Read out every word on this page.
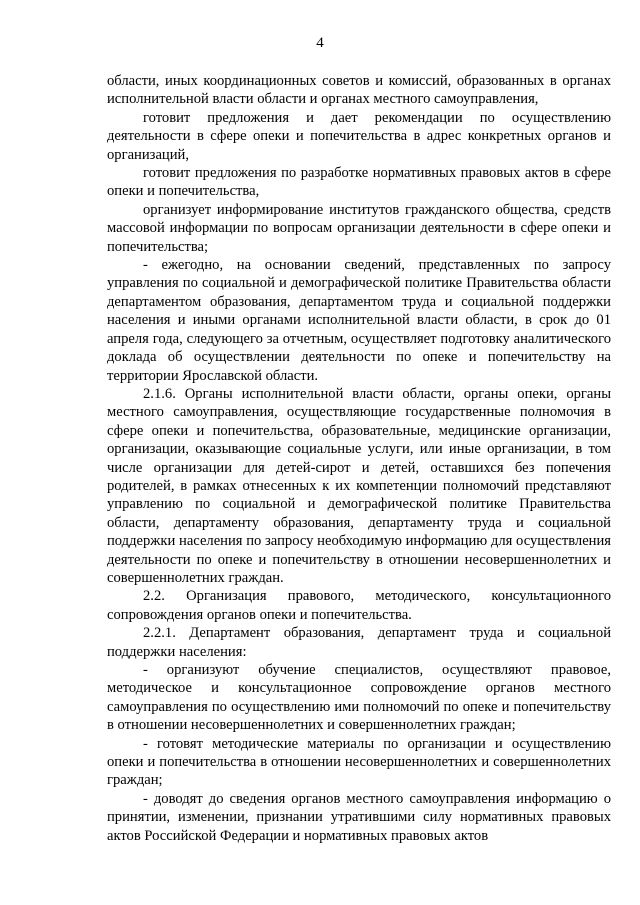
4

области, иных координационных советов и комиссий, образованных в органах исполнительной власти области и органах местного самоуправления,

готовит предложения и дает рекомендации по осуществлению деятельности в сфере опеки и попечительства в адрес конкретных органов и организаций,

готовит предложения по разработке нормативных правовых актов в сфере опеки и попечительства,

организует информирование институтов гражданского общества, средств массовой информации по вопросам организации деятельности в сфере опеки и попечительства;

- ежегодно, на основании сведений, представленных по запросу управления по социальной и демографической политике Правительства области департаментом образования, департаментом труда и социальной поддержки населения и иными органами исполнительной власти области, в срок до 01 апреля года, следующего за отчетным, осуществляет подготовку аналитического доклада об осуществлении деятельности по опеке и попечительству на территории Ярославской области.

2.1.6. Органы исполнительной власти области, органы опеки, органы местного самоуправления, осуществляющие государственные полномочия в сфере опеки и попечительства, образовательные, медицинские организации, организации, оказывающие социальные услуги, или иные организации, в том числе организации для детей-сирот и детей, оставшихся без попечения родителей, в рамках отнесенных к их компетенции полномочий представляют управлению по социальной и демографической политике Правительства области, департаменту образования, департаменту труда и социальной поддержки населения по запросу необходимую информацию для осуществления деятельности по опеке и попечительству в отношении несовершеннолетних и совершеннолетних граждан.

2.2. Организация правового, методического, консультационного сопровождения органов опеки и попечительства.

2.2.1. Департамент образования, департамент труда и социальной поддержки населения:

- организуют обучение специалистов, осуществляют правовое, методическое и консультационное сопровождение органов местного самоуправления по осуществлению ими полномочий по опеке и попечительству в отношении несовершеннолетних и совершеннолетних граждан;

- готовят методические материалы по организации и осуществлению опеки и попечительства в отношении несовершеннолетних и совершеннолетних граждан;

- доводят до сведения органов местного самоуправления информацию о принятии, изменении, признании утратившими силу нормативных правовых актов Российской Федерации и нормативных правовых актов
